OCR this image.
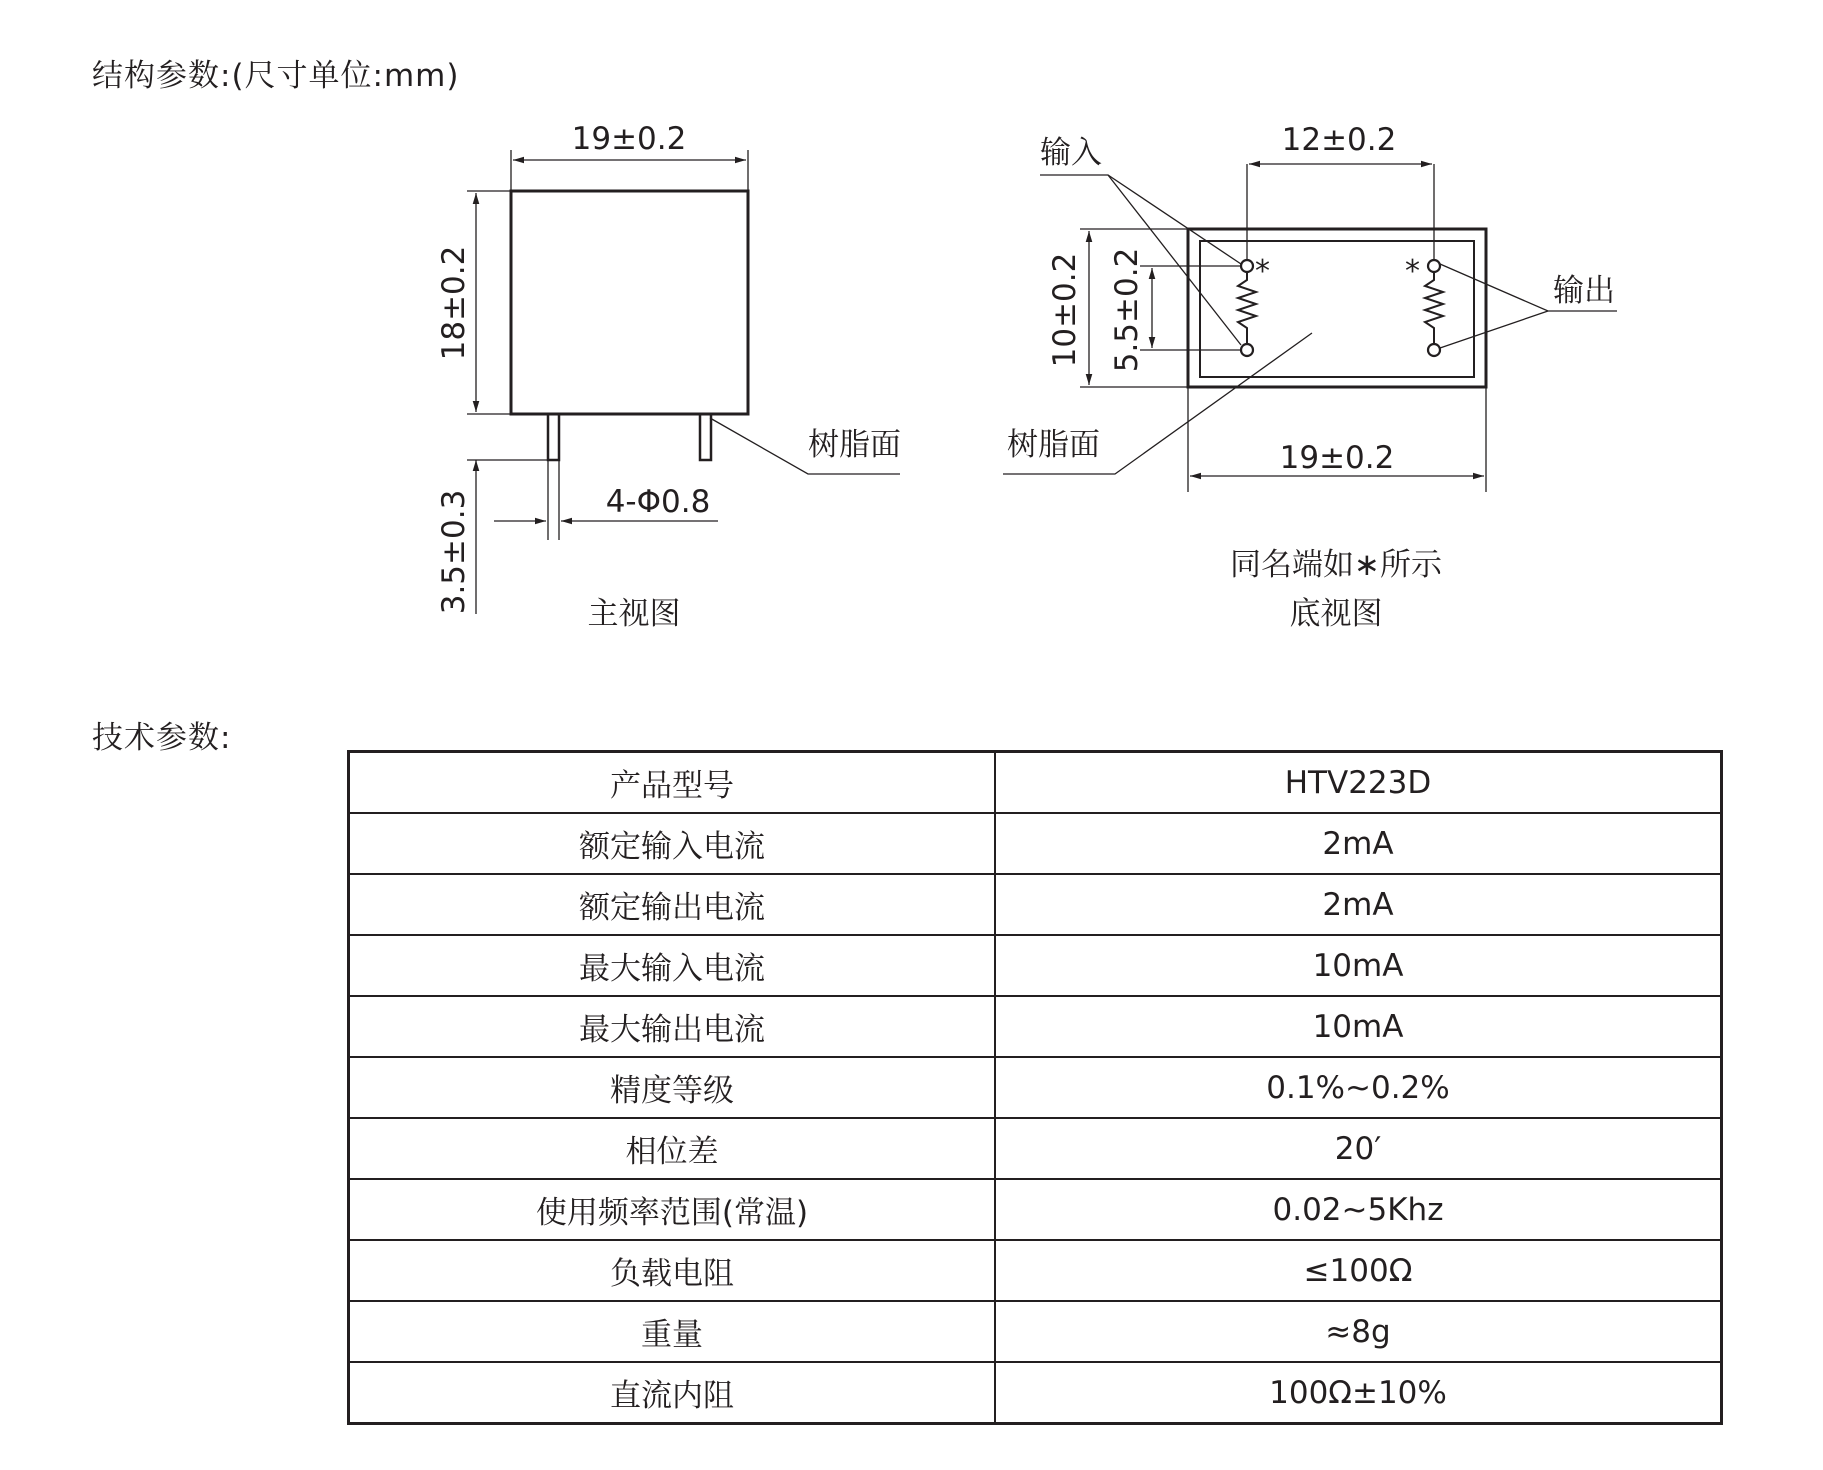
结构参数:(尺寸单位:mm)
19±0.2
18±0.2
3.5±0.3	4-Φ0.8
树脂面
主视图
12±0.2
10±0.2 5.5±0.2
19±0.2
输入
输出
*	*
树脂面
同名端如∗所示
底视图
技术参数:
产品型号	HTV223D
额定输入电流	2mA
额定输出电流	2mA
最大输入电流	10mA
最大输出电流	10mA
精度等级	0.1%~0.2%
相位差	20′
使用频率范围(常温)	0.02~5Khz
负载电阻	≤100Ω
重量	≈8g
直流内阻	100Ω±10%
